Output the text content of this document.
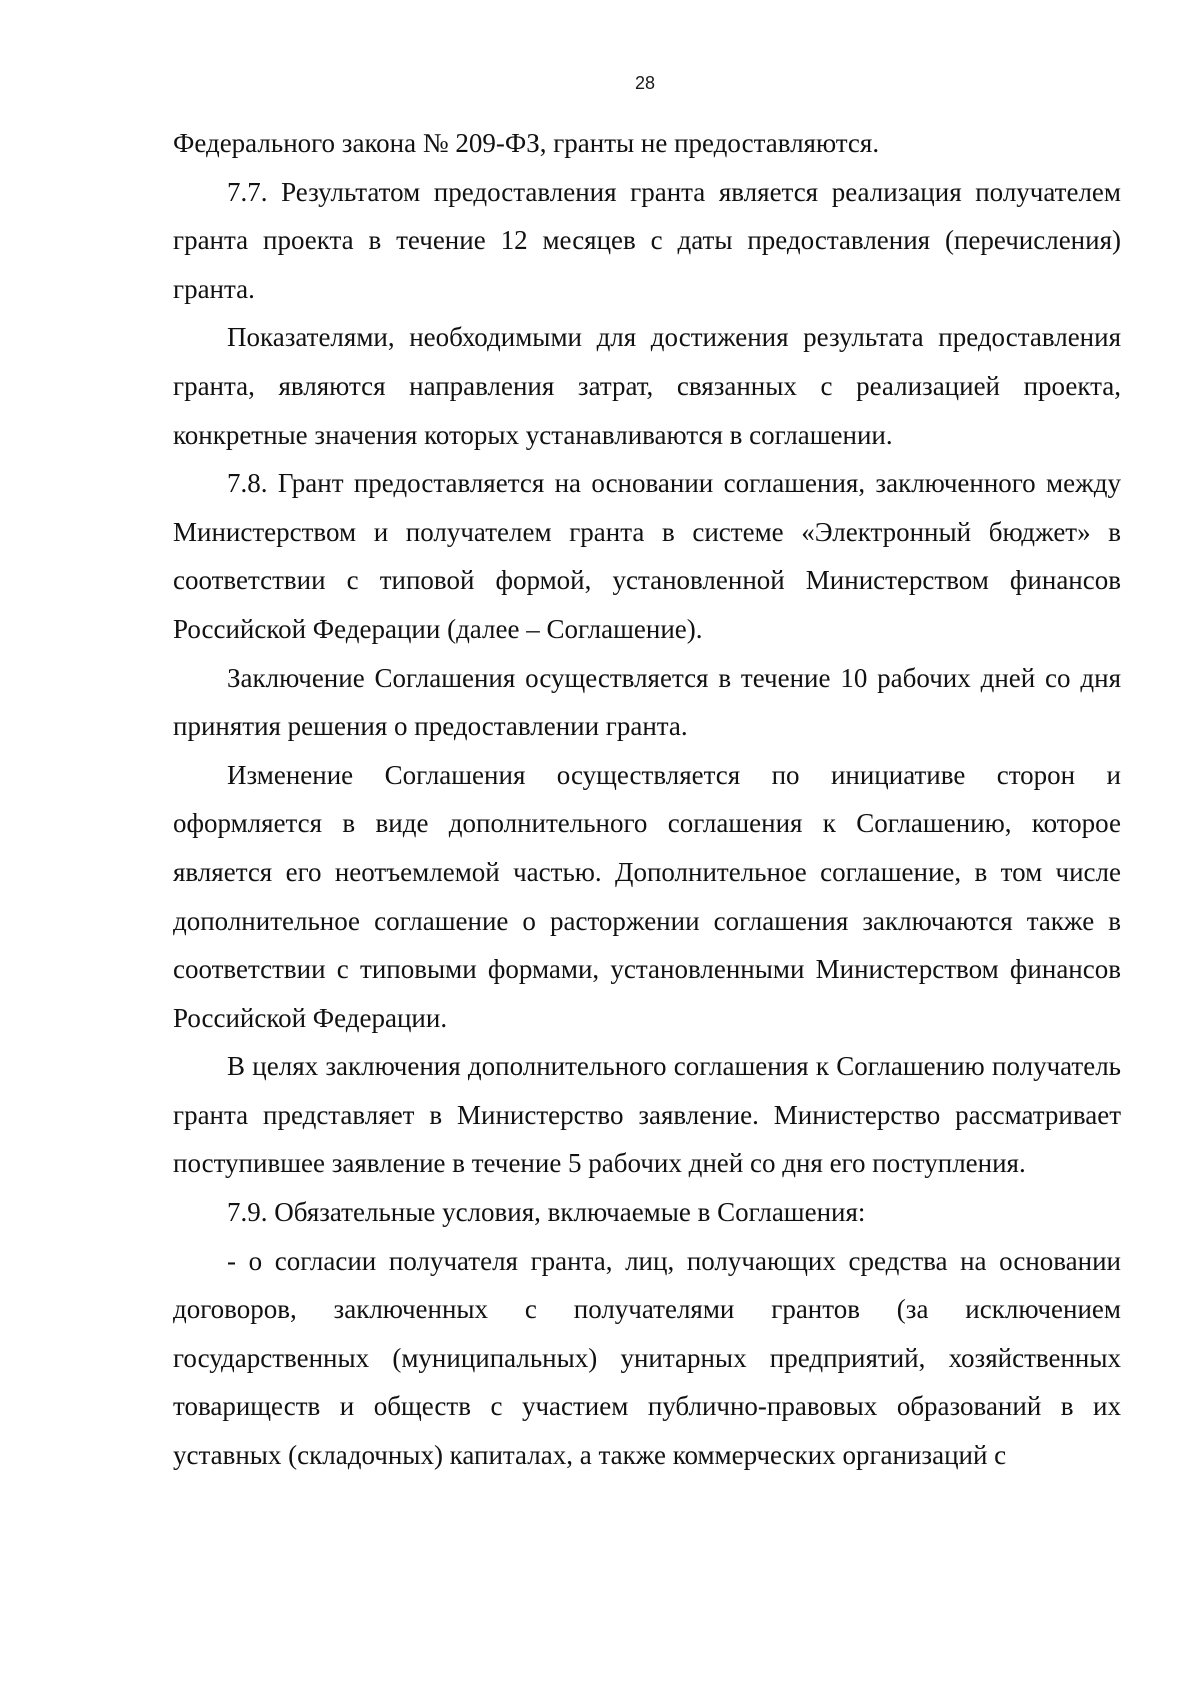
28

Федерального закона № 209-ФЗ, гранты не предоставляются.

7.7. Результатом предоставления гранта является реализация получателем гранта проекта в течение 12 месяцев с даты предоставления (перечисления) гранта.

Показателями, необходимыми для достижения результата предоставления гранта, являются направления затрат, связанных с реализацией проекта, конкретные значения которых устанавливаются в соглашении.

7.8. Грант предоставляется на основании соглашения, заключенного между Министерством и получателем гранта в системе «Электронный бюджет» в соответствии с типовой формой, установленной Министерством финансов Российской Федерации (далее – Соглашение).

Заключение Соглашения осуществляется в течение 10 рабочих дней со дня принятия решения о предоставлении гранта.

Изменение Соглашения осуществляется по инициативе сторон и оформляется в виде дополнительного соглашения к Соглашению, которое является его неотъемлемой частью. Дополнительное соглашение, в том числе дополнительное соглашение о расторжении соглашения заключаются также в соответствии с типовыми формами, установленными Министерством финансов Российской Федерации.

В целях заключения дополнительного соглашения к Соглашению получатель гранта представляет в Министерство заявление. Министерство рассматривает поступившее заявление в течение 5 рабочих дней со дня его поступления.

7.9. Обязательные условия, включаемые в Соглашения:

- о согласии получателя гранта, лиц, получающих средства на основании договоров, заключенных с получателями грантов (за исключением государственных (муниципальных) унитарных предприятий, хозяйственных товариществ и обществ с участием публично-правовых образований в их уставных (складочных) капиталах, а также коммерческих организаций с
